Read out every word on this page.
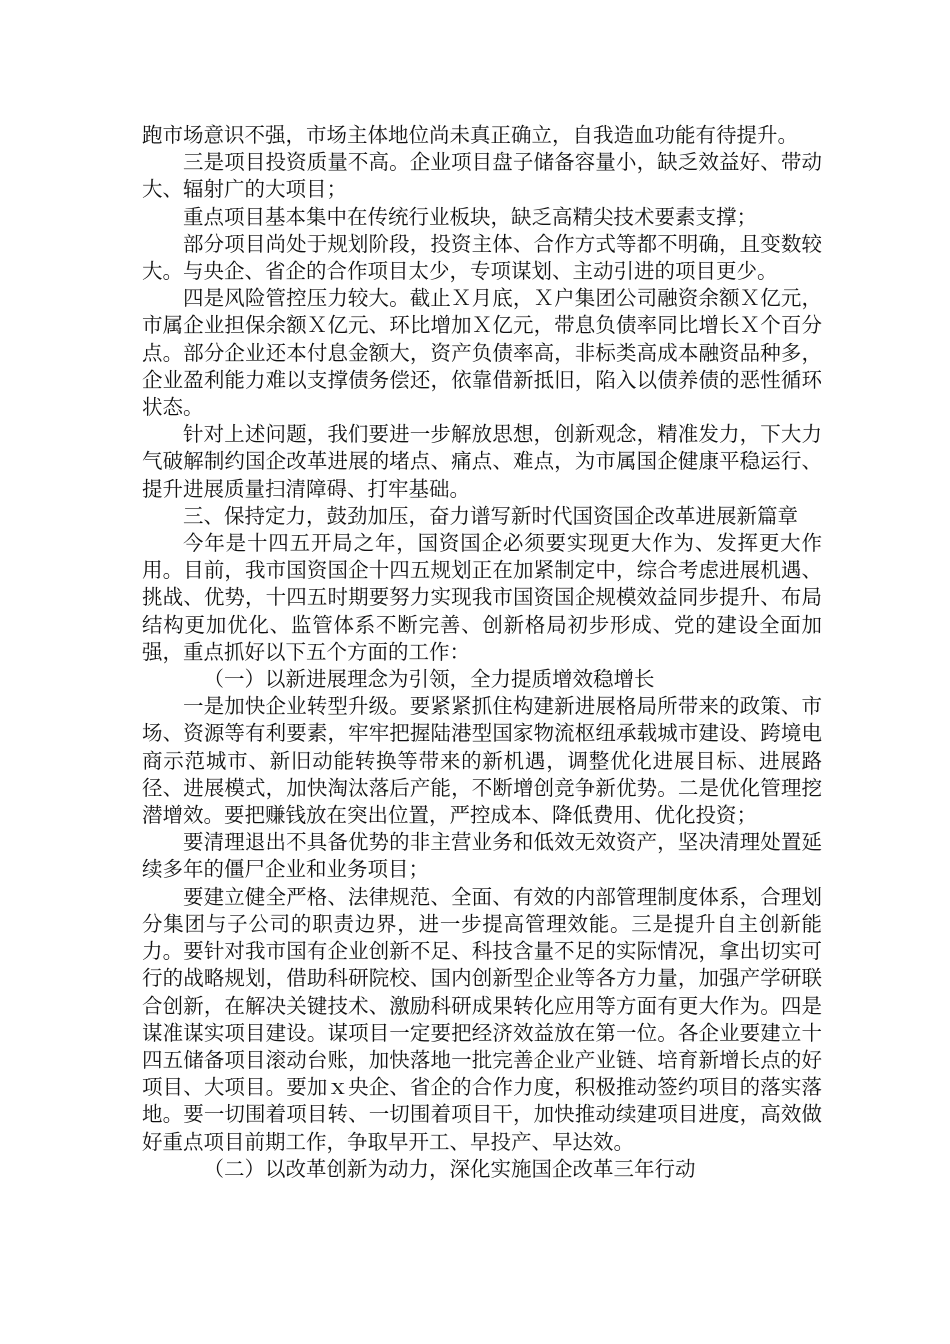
跑市场意识不强，市场主体地位尚未真正确立，自我造血功能有待提升。

三是项目投资质量不高。企业项目盘子储备容量小，缺乏效益好、带动大、辐射广的大项目；

重点项目基本集中在传统行业板块，缺乏高精尖技术要素支撑；

部分项目尚处于规划阶段，投资主体、合作方式等都不明确，且变数较大。与央企、省企的合作项目太少，专项谋划、主动引进的项目更少。

四是风险管控压力较大。截止Ｘ月底，Ｘ户集团公司融资余额Ｘ亿元，市属企业担保余额Ｘ亿元、环比增加Ｘ亿元，带息负债率同比增长Ｘ个百分点。部分企业还本付息金额大，资产负债率高，非标类高成本融资品种多，企业盈利能力难以支撑债务偿还，依靠借新抵旧，陷入以债养债的恶性循环状态。

针对上述问题，我们要进一步解放思想，创新观念，精准发力，下大力气破解制约国企改革进展的堵点、痛点、难点，为市属国企健康平稳运行、提升进展质量扫清障碍、打牢基础。

三、保持定力，鼓劲加压，奋力谱写新时代国资国企改革进展新篇章

今年是十四五开局之年，国资国企必须要实现更大作为、发挥更大作用。目前，我市国资国企十四五规划正在加紧制定中，综合考虑进展机遇、挑战、优势，十四五时期要努力实现我市国资国企规模效益同步提升、布局结构更加优化、监管体系不断完善、创新格局初步形成、党的建设全面加强，重点抓好以下五个方面的工作：

（一）以新进展理念为引领，全力提质增效稳增长

一是加快企业转型升级。要紧紧抓住构建新进展格局所带来的政策、市场、资源等有利要素，牢牢把握陆港型国家物流枢纽承载城市建设、跨境电商示范城市、新旧动能转换等带来的新机遇，调整优化进展目标、进展路径、进展模式，加快淘汰落后产能，不断增创竞争新优势。二是优化管理挖潜增效。要把赚钱放在突出位置，严控成本、降低费用、优化投资；

要清理退出不具备优势的非主营业务和低效无效资产，坚决清理处置延续多年的僵尸企业和业务项目；

要建立健全严格、法律规范、全面、有效的内部管理制度体系，合理划分集团与子公司的职责边界，进一步提高管理效能。三是提升自主创新能力。要针对我市国有企业创新不足、科技含量不足的实际情况，拿出切实可行的战略规划，借助科研院校、国内创新型企业等各方力量，加强产学研联合创新，在解决关键技术、激励科研成果转化应用等方面有更大作为。四是谋准谋实项目建设。谋项目一定要把经济效益放在第一位。各企业要建立十四五储备项目滚动台账，加快落地一批完善企业产业链、培育新增长点的好项目、大项目。要加ｘ央企、省企的合作力度，积极推动签约项目的落实落地。要一切围着项目转、一切围着项目干，加快推动续建项目进度，高效做好重点项目前期工作，争取早开工、早投产、早达效。

（二）以改革创新为动力，深化实施国企改革三年行动
